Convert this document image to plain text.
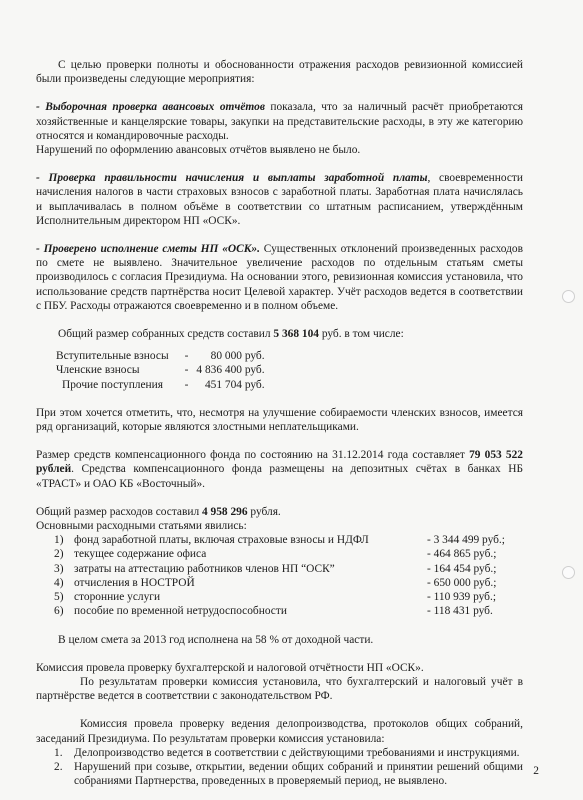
С целью проверки полноты и обоснованности отражения расходов ревизионной комиссией были произведены следующие мероприятия:

- Выборочная проверка авансовых отчётов показала, что за наличный расчёт приобретаются хозяйственные и канцелярские товары, закупки на представительские расходы, в эту же категорию относятся и командировочные расходы.

Нарушений по оформлению авансовых отчётов выявлено не было.

- Проверка правильности начисления и выплаты заработной платы, своевременности начисления налогов в части страховых взносов с заработной платы. Заработная плата начислялась и выплачивалась в полном объёме в соответствии со штатным расписанием, утверждённым Исполнительным директором НП «ОСК».

- Проверено исполнение сметы НП «ОСК». Существенных отклонений произведенных расходов по смете не выявлено. Значительное увеличение расходов по отдельным статьям сметы производилось с согласия Президиума. На основании этого, ревизионная комиссия установила, что использование средств партнёрства носит Целевой характер. Учёт расходов ведется в соответствии с ПБУ. Расходы отражаются своевременно и в полном объеме.

Общий размер собранных средств составил 5 368 104 руб. в том числе:

Вступительные взносы	-	80 000 руб.
Членские взносы	-	4 836 400 руб.
Прочие поступления	-	451 704 руб.

При этом хочется отметить, что, несмотря на улучшение собираемости членских взносов, имеется ряд организаций, которые являются злостными неплательщиками.

Размер средств компенсационного фонда по состоянию на 31.12.2014 года составляет 79 053 522 рублей. Средства компенсационного фонда размещены на депозитных счётах в банках НБ «ТРАСТ» и ОАО КБ «Восточный».

Общий размер расходов составил 4 958 296 рубля.

Основными расходными статьями явились:

1) фонд заработной платы, включая страховые взносы и НДФЛ	- 3 344 499 руб.;
2) текущее содержание офиса	- 464 865 руб.;
3) затраты на аттестацию работников членов НП “ОСК”	- 164 454 руб.;
4) отчисления в НОСТРОЙ	- 650 000 руб.;
5) сторонние услуги	- 110 939 руб.;
6) пособие по временной нетрудоспособности	- 118 431 руб.

В целом смета за 2013 год исполнена на 58 % от доходной части.

Комиссия провела проверку бухгалтерской и налоговой отчётности НП «ОСК».

По результатам проверки комиссия установила, что бухгалтерский и налоговый учёт в партнёрстве ведется в соответствии с законодательством РФ.

Комиссия провела проверку ведения делопроизводства, протоколов общих собраний, заседаний Президиума. По результатам проверки комиссия установила:

1.	Делопроизводство ведется в соответствии с действующими требованиями и инструкциями.
2.	Нарушений при созыве, открытии, ведении общих собраний и принятии решений общими собраниями Партнерства, проведенных в проверяемый период, не выявлено.
2
